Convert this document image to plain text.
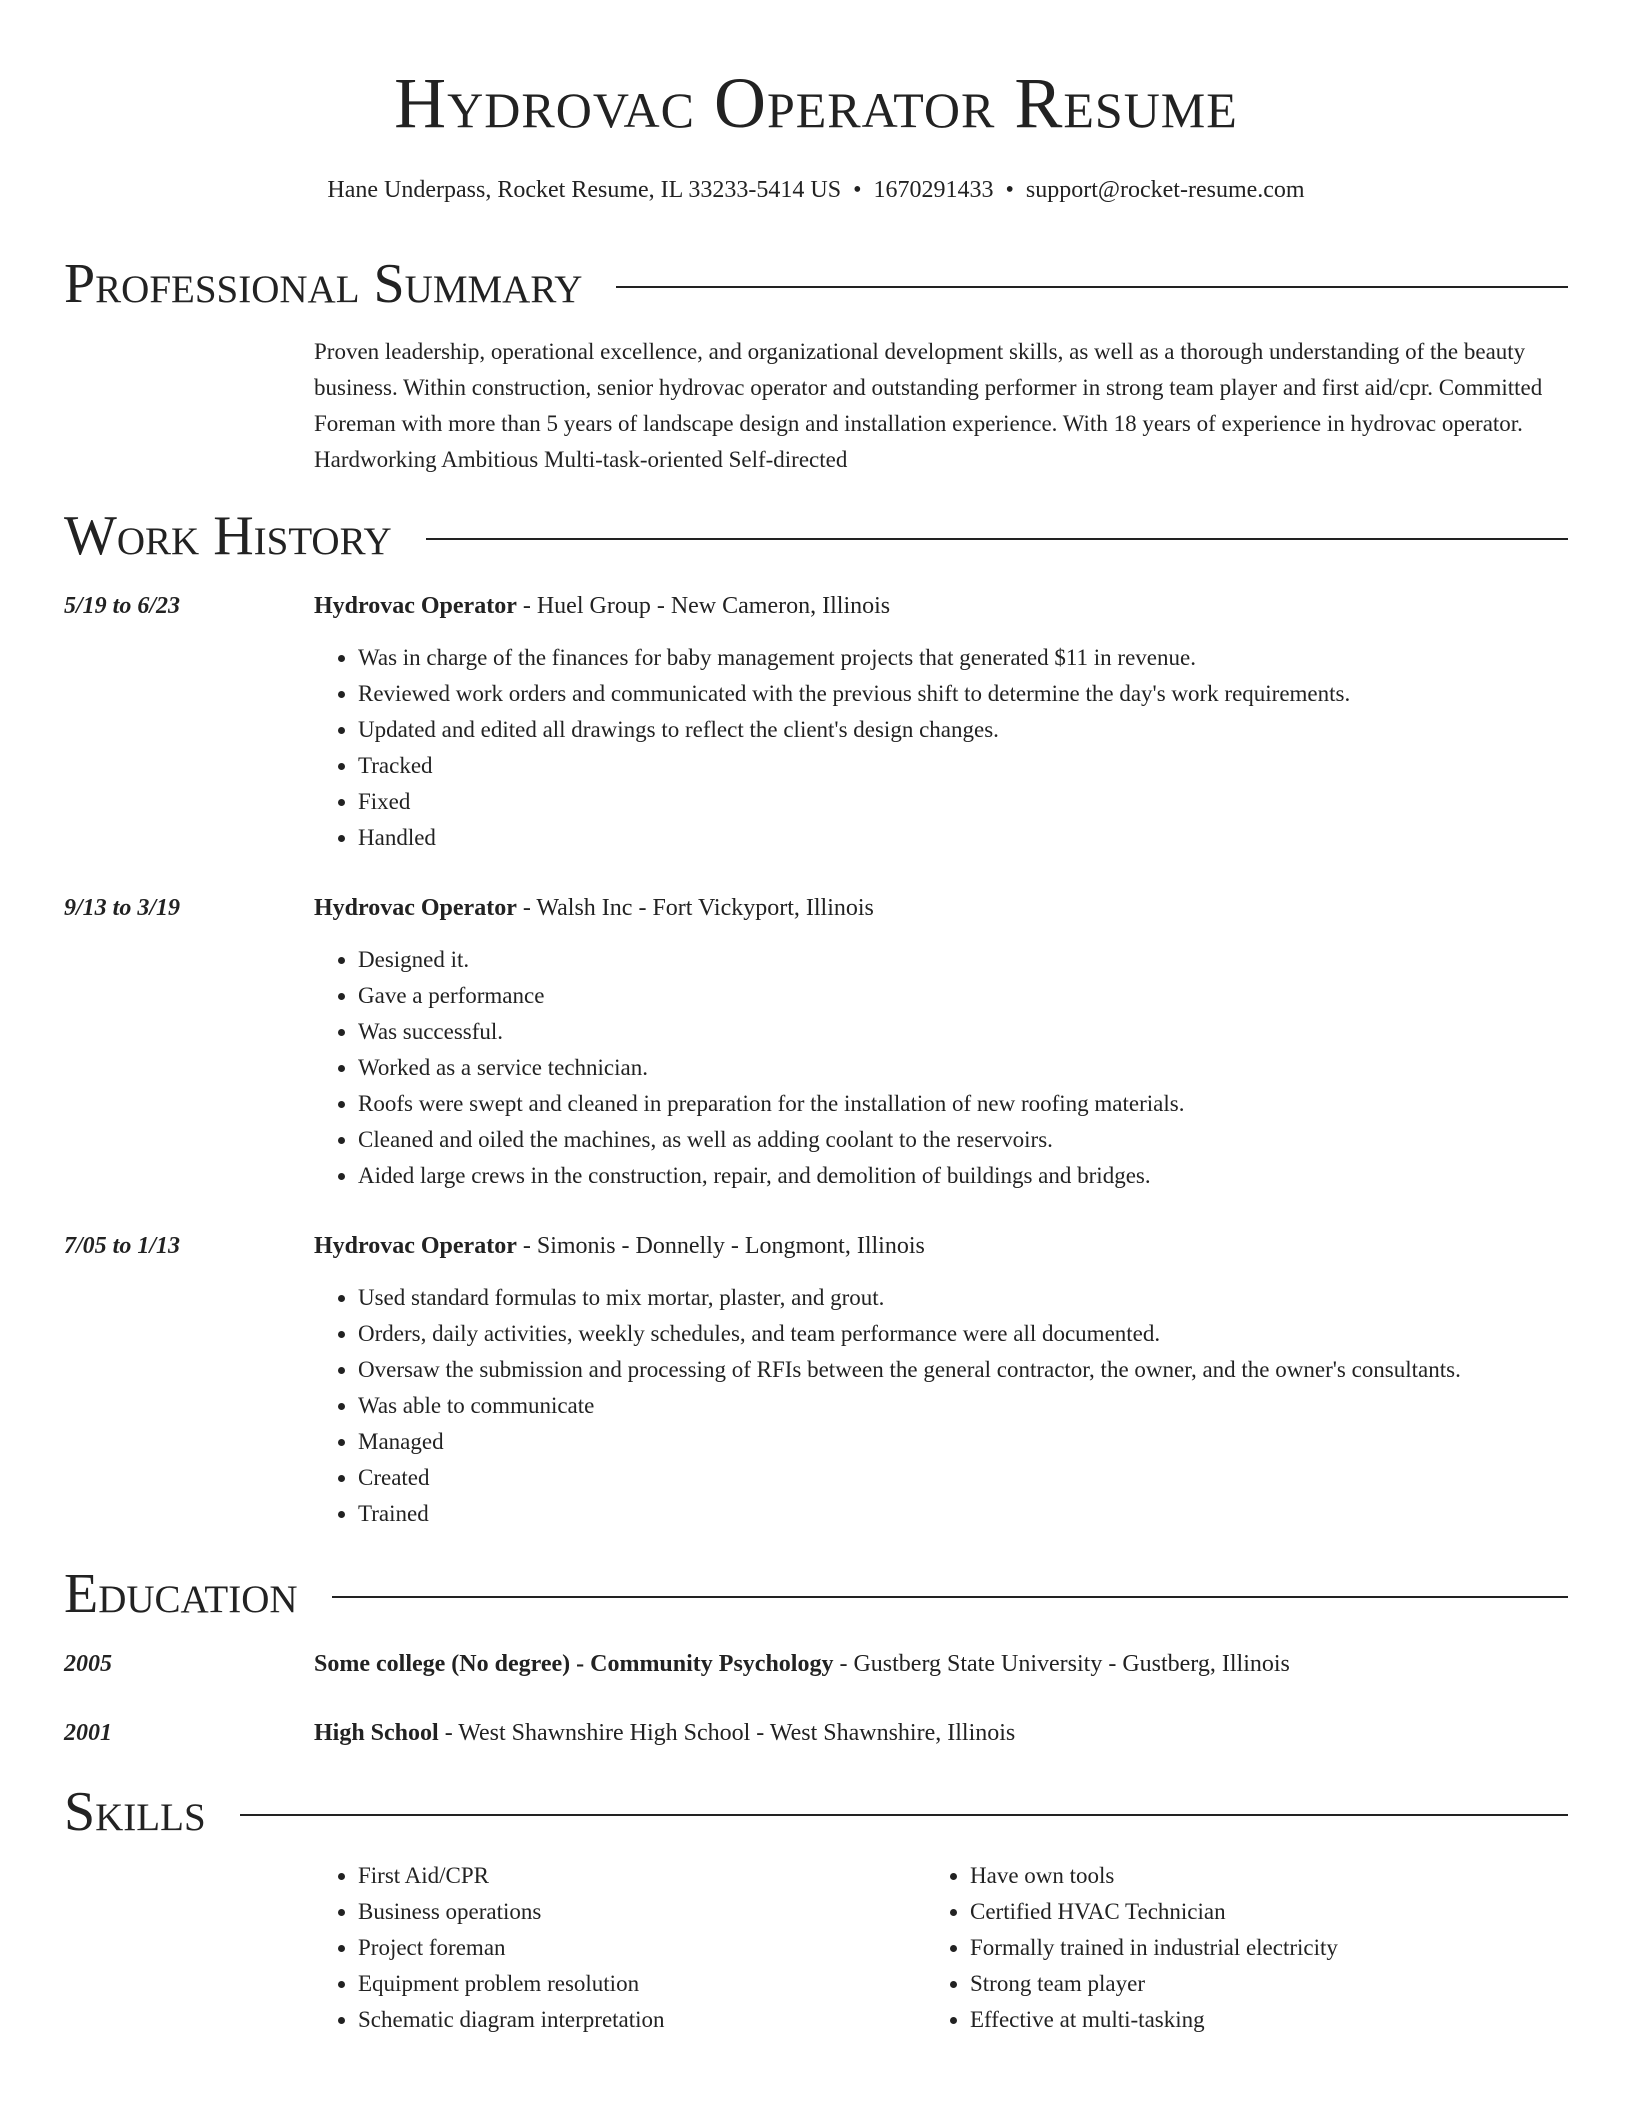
Hydrovac Operator Resume

Hane Underpass, Rocket Resume, IL 33233-5414 US • 1670291433 • support@rocket-resume.com

Professional Summary

Proven leadership, operational excellence, and organizational development skills, as well as a thorough understanding of the beauty business. Within construction, senior hydrovac operator and outstanding performer in strong team player and first aid/cpr. Committed Foreman with more than 5 years of landscape design and installation experience. With 18 years of experience in hydrovac operator. Hardworking Ambitious Multi-task-oriented Self-directed

Work History
5/19 to 6/23	Hydrovac Operator - Huel Group - New Cameron, Illinois
• Was in charge of the finances for baby management projects that generated $11 in revenue.
• Reviewed work orders and communicated with the previous shift to determine the day's work requirements.
• Updated and edited all drawings to reflect the client's design changes.
• Tracked
• Fixed
• Handled
9/13 to 3/19	Hydrovac Operator - Walsh Inc - Fort Vickyport, Illinois
• Designed it.
• Gave a performance
• Was successful.
• Worked as a service technician.
• Roofs were swept and cleaned in preparation for the installation of new roofing materials.
• Cleaned and oiled the machines, as well as adding coolant to the reservoirs.
• Aided large crews in the construction, repair, and demolition of buildings and bridges.
7/05 to 1/13	Hydrovac Operator - Simonis - Donnelly - Longmont, Illinois
• Used standard formulas to mix mortar, plaster, and grout.
• Orders, daily activities, weekly schedules, and team performance were all documented.
• Oversaw the submission and processing of RFIs between the general contractor, the owner, and the owner's consultants.
• Was able to communicate
• Managed
• Created
• Trained
Education
2005	Some college (No degree) - Community Psychology - Gustberg State University - Gustberg, Illinois
2001	High School - West Shawnshire High School - West Shawnshire, Illinois
Skills
• First Aid/CPR
• Business operations
• Project foreman
• Equipment problem resolution
• Schematic diagram interpretation
• Have own tools
• Certified HVAC Technician
• Formally trained in industrial electricity
• Strong team player
• Effective at multi-tasking
